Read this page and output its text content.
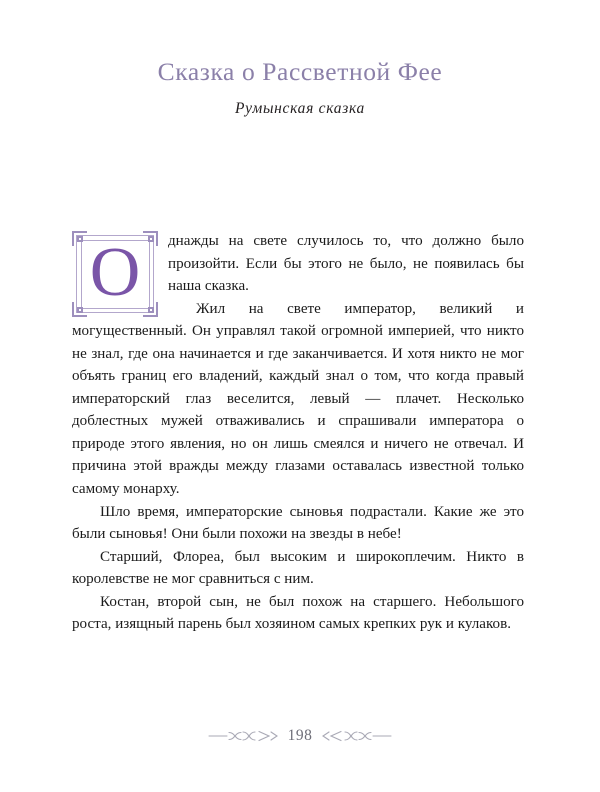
Сказка о Рассветной Фее
Румынская сказка

О	днажды на свете случилось то, что должно было произойти. Если бы этого не было, не появилась бы наша сказка.

Жил на свете император, великий и могущественный. Он управлял такой огромной империей, что никто не знал, где она начинается и где заканчивается. И хотя никто не мог объять границ его владений, каждый знал о том, что когда правый императорский глаз веселится, левый — плачет. Несколько доблестных мужей отваживались и спрашивали императора о природе этого явления, но он лишь смеялся и ничего не отвечал. И причина этой вражды между глазами оставалась известной только самому монарху.

Шло время, императорские сыновья подрастали. Какие же это были сыновья! Они были похожи на звезды в небе!

Старший, Флореа, был высоким и широкоплечим. Никто в королевстве не мог сравниться с ним.

Костан, второй сын, не был похож на старшего. Небольшого роста, изящный парень был хозяином самых крепких рук и кулаков.

198
